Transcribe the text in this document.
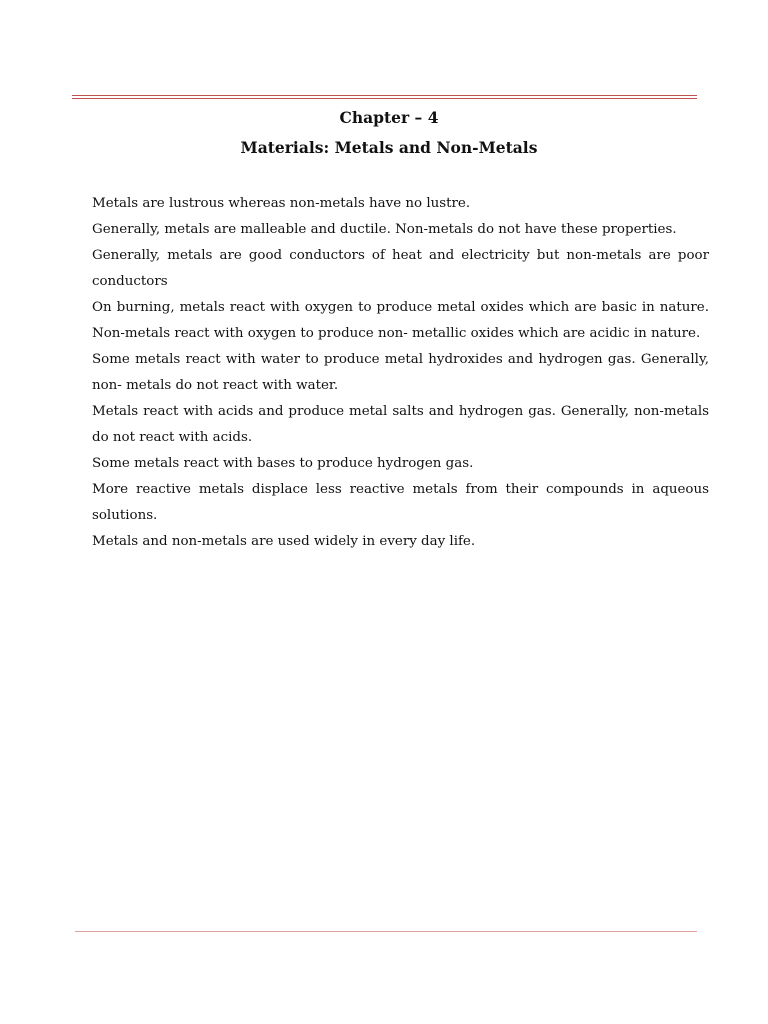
Chapter – 4
Materials: Metals and Non-Metals

Metals are lustrous whereas non-metals have no lustre.

Generally, metals are malleable and ductile. Non-metals do not have these properties.

Generally, metals are good conductors of heat and electricity but non-metals are poor conductors

On burning, metals react with oxygen to produce metal oxides which are basic in nature. Non-metals react with oxygen to produce non- metallic oxides which are acidic in nature.

Some metals react with water to produce metal hydroxides and hydrogen gas. Generally, non- metals do not react with water.

Metals react with acids and produce metal salts and hydrogen gas. Generally, non-metals do not react with acids.

Some metals react with bases to produce hydrogen gas.

More reactive metals displace less reactive metals from their compounds in aqueous solutions.

Metals and non-metals are used widely in every day life.
